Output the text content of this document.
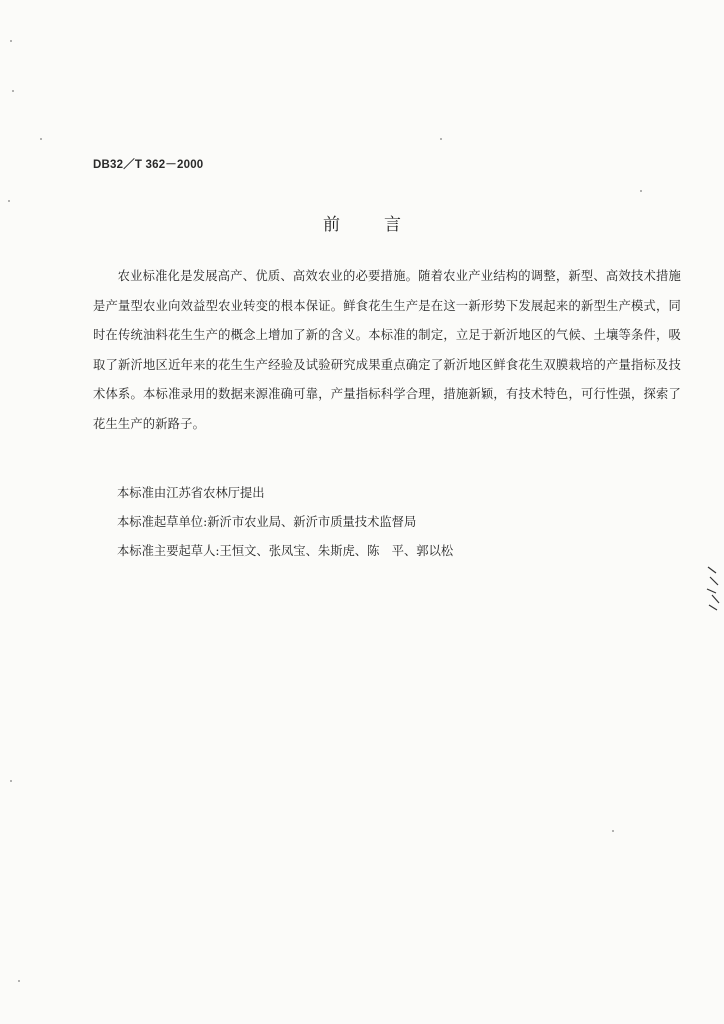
DB32／T 362－2000
前言

农业标准化是发展高产、优质、高效农业的必要措施。随着农业产业结构的调整，新型、高效技术措施是产量型农业向效益型农业转变的根本保证。鲜食花生生产是在这一新形势下发展起来的新型生产模式，同时在传统油料花生生产的概念上增加了新的含义。本标准的制定，立足于新沂地区的气候、土壤等条件，吸取了新沂地区近年来的花生生产经验及试验研究成果重点确定了新沂地区鲜食花生双膜栽培的产量指标及技术体系。本标准录用的数据来源准确可靠，产量指标科学合理，措施新颖，有技术特色，可行性强，探索了花生生产的新路子。

本标准由江苏省农林厅提出
本标准起草单位:新沂市农业局、新沂市质量技术监督局
本标准主要起草人:王恒文、张凤宝、朱斯虎、陈　平、郭以松
